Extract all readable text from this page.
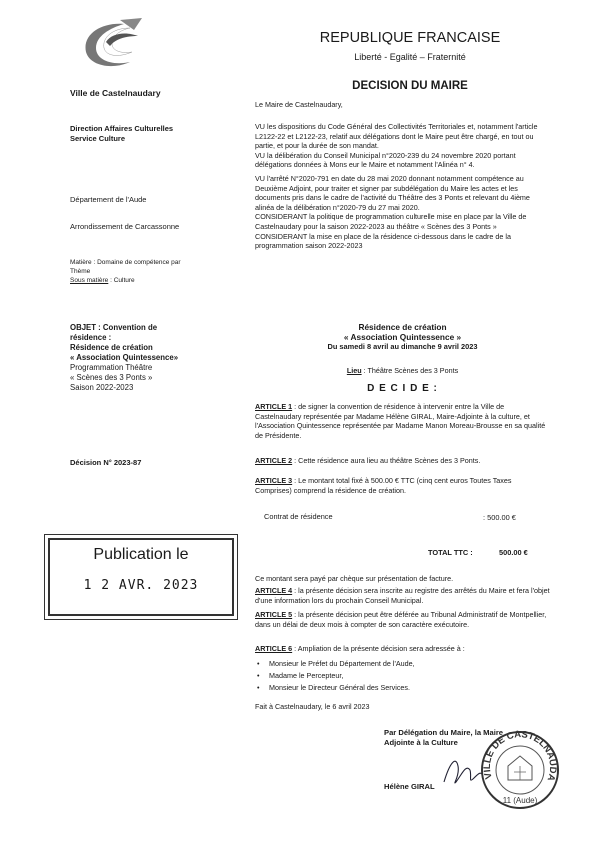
Ville de Castelnaudary
REPUBLIQUE FRANCAISE
Liberté - Egalité – Fraternité
DECISION DU MAIRE
Direction Affaires Culturelles
Service Culture
Département de l'Aude
Arrondissement de Carcassonne
Matière : Domaine de compétence par
Thème
Sous matière : Culture
OBJET : Convention de
résidence :
Résidence de création
« Association Quintessence»
Programmation Théâtre
« Scènes des 3 Ponts »
Saison 2022-2023
Décision N° 2023-87
Publication le
1 2 AVR. 2023
Le Maire de Castelnaudary,

VU les dispositions du Code Général des Collectivités Territoriales et, notamment l'article L2122-22 et L2122-23, relatif aux délégations dont le Maire peut être chargé, en tout ou partie, et pour la durée de son mandat.

VU la délibération du Conseil Municipal n°2020-239 du 24 novembre 2020 portant délégations données à Mons eur le Maire et notamment l'Alinéa n° 4.

VU l'arrêté N°2020-791 en date du 28 mai 2020 donnant notamment compétence au Deuxième Adjoint, pour traiter et signer par subdélégation du Maire les actes et les documents pris dans le cadre de l'activité du Théâtre des 3 Ponts et relevant du 4ième alinéa de la délibération n°2020-79 du 27 mai 2020.

CONSIDERANT la politique de programmation culturelle mise en place par la Ville de Castelnaudary pour la saison 2022-2023 au théâtre « Scènes des 3 Ponts »

CONSIDERANT la mise en place de la résidence ci-dessous dans le cadre de la programmation saison 2022-2023

Résidence de création
« Association Quintessence »
Du samedi 8 avril au dimanche 9 avril 2023
Lieu : Théâtre Scènes des 3 Ponts
D E C I D E :
ARTICLE 1 : de signer la convention de résidence à intervenir entre la Ville de Castelnaudary représentée par Madame Hélène GIRAL, Maire-Adjointe à la culture, et l'Association Quintessence représentée par Madame Manon Moreau-Brousse en sa qualité de Présidente.
ARTICLE 2 : Cette résidence aura lieu au théâtre Scènes des 3 Ponts.
ARTICLE 3 : Le montant total fixé à 500.00 € TTC (cinq cent euros Toutes Taxes Comprises) comprend la résidence de création.
Contrat de résidence	: 500.00 €
TOTAL TTC :	500.00 €
Ce montant sera payé par chèque sur présentation de facture.
ARTICLE 4 : la présente décision sera inscrite au registre des arrêtés du Maire et fera l'objet d'une information lors du prochain Conseil Municipal.
ARTICLE 5 : la présente décision peut être déférée au Tribunal Administratif de Montpellier, dans un délai de deux mois à compter de son caractère exécutoire.
ARTICLE 6 : Ampliation de la présente décision sera adressée à :
• Monsieur le Préfet du Département de l'Aude,
• Madame le Percepteur,
• Monsieur le Directeur Général des Services.
Fait à Castelnaudary, le 6 avril 2023
Par Délégation du Maire, la Maire
Adjointe à la Culture
Hélène GIRAL
VILLE DE CASTELNAUDA
11 (Aude)
